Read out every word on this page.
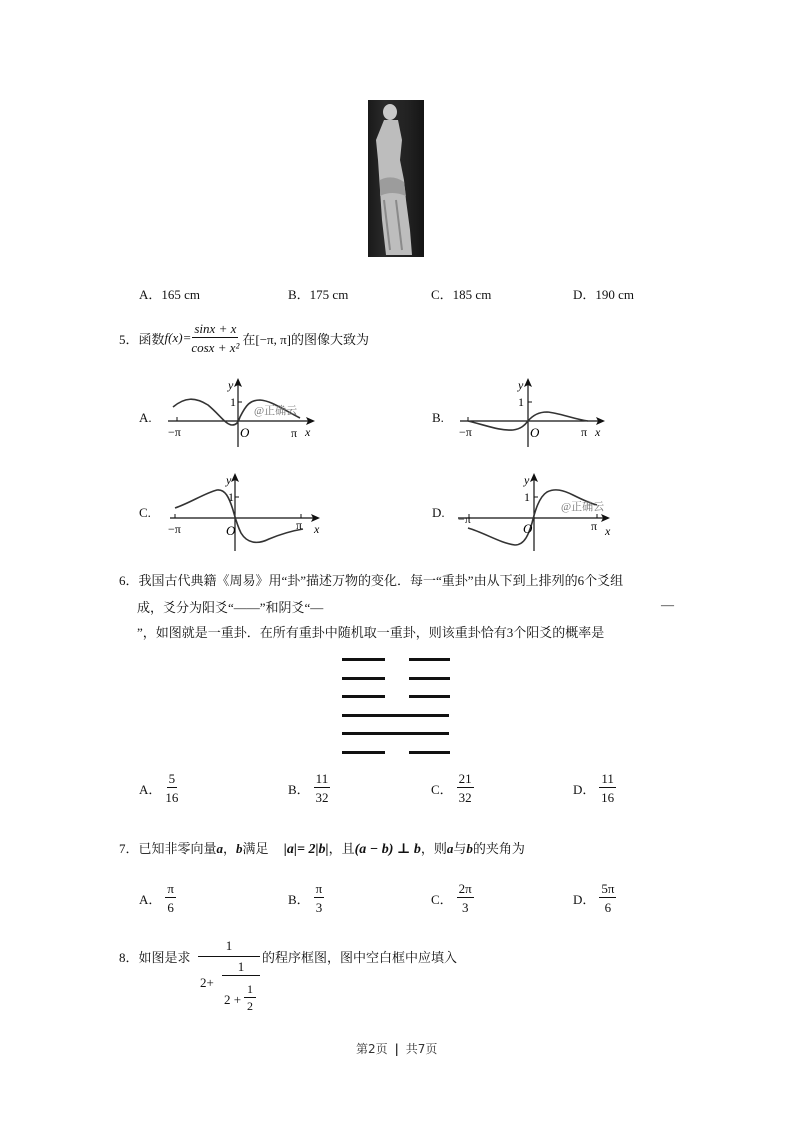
A．165 cm	B．175 cm	C．185 cm	D．190 cm
5． 函数 $f(x)= \frac{\sin x + x}{\text{cosx + x²}}$ 在[−π, π] 的图像大致为
A.
y
1
@正确云
−π	O	π x
B.
y
1
−π	O	π x
C.
y
1
−π	O	π x
D.
y
1
@正确云
−π
O	π x
6．我国古代典籍《周易》用“卦”描述万物的变化．每一“重卦”由从下到上排列的6个爻组
成，爻分为阳爻“——”和阴爻“—	—
”，如图就是一重卦．在所有重卦中随机取一重卦，则该重卦恰有3个阳爻的概率是
A． $\frac{5}{16}$	B． $\frac{11}{32}$	C． $\frac{21}{32}$	D． $\frac{11}{16}$
7．已知非零向量a，b满足 |a|= 2|b|，且(a − b) ⊥ b，则a与b的夹角为
A． $\frac{\pi}{6}$	B． $\frac{\pi}{3}$	C． $\frac{2\pi}{3}$	D． $\frac{5\pi}{6}$
8．如图是求
1
2+
1
2 +
1
2
的程序框图，图中空白框中应填入
第2页 | 共7页
